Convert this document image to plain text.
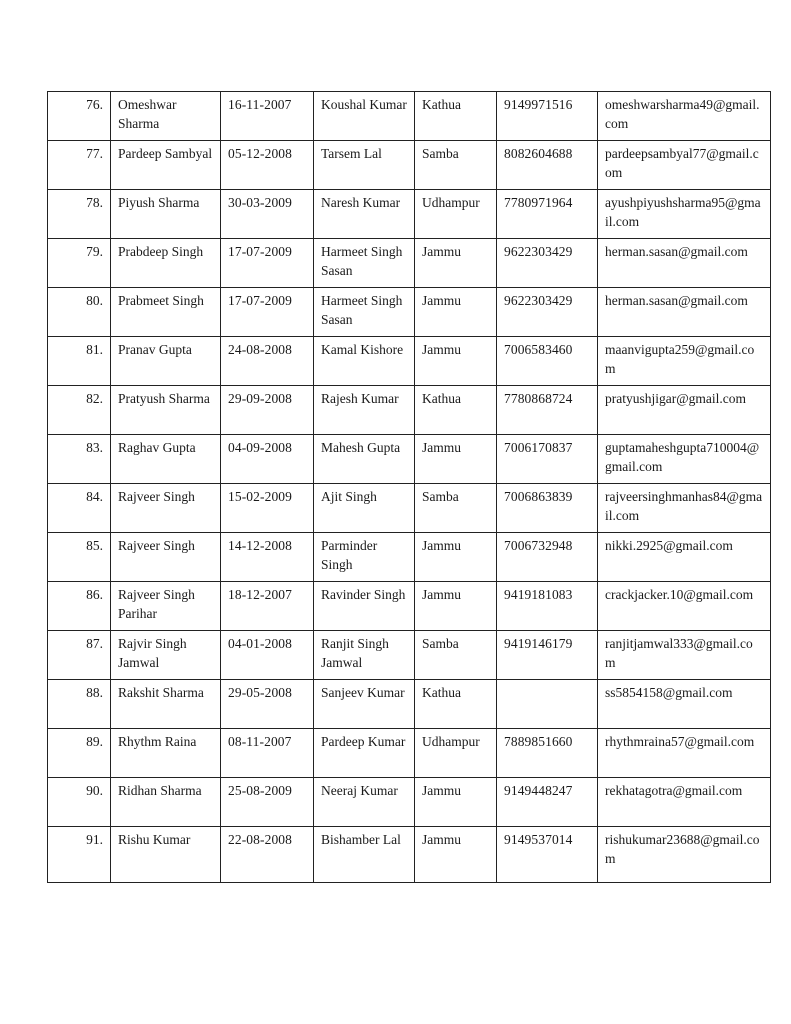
76.	Omeshwar Sharma	16-11-2007	Koushal Kumar	Kathua	9149971516	omeshwarsharma49@gmail.com
77.	Pardeep Sambyal	05-12-2008	Tarsem Lal	Samba	8082604688	pardeepsambyal77@gmail.com
78.	Piyush Sharma	30-03-2009	Naresh Kumar	Udhampur	7780971964	ayushpiyushsharma95@gmail.com
79.	Prabdeep Singh	17-07-2009	Harmeet Singh Sasan	Jammu	9622303429	herman.sasan@gmail.com
80.	Prabmeet Singh	17-07-2009	Harmeet Singh Sasan	Jammu	9622303429	herman.sasan@gmail.com
81.	Pranav Gupta	24-08-2008	Kamal Kishore	Jammu	7006583460	maanvigupta259@gmail.com
82.	Pratyush Sharma	29-09-2008	Rajesh Kumar	Kathua	7780868724	pratyushjigar@gmail.com
83.	Raghav Gupta	04-09-2008	Mahesh Gupta	Jammu	7006170837	guptamaheshgupta710004@gmail.com
84.	Rajveer Singh	15-02-2009	Ajit Singh	Samba	7006863839	rajveersinghmanhas84@gmail.com
85.	Rajveer Singh	14-12-2008	Parminder Singh	Jammu	7006732948	nikki.2925@gmail.com
86.	Rajveer Singh Parihar	18-12-2007	Ravinder Singh	Jammu	9419181083	crackjacker.10@gmail.com
87.	Rajvir Singh Jamwal	04-01-2008	Ranjit Singh Jamwal	Samba	9419146179	ranjitjamwal333@gmail.com
88.	Rakshit Sharma	29-05-2008	Sanjeev Kumar	Kathua		ss5854158@gmail.com
89.	Rhythm Raina	08-11-2007	Pardeep Kumar	Udhampur	7889851660	rhythmraina57@gmail.com
90.	Ridhan Sharma	25-08-2009	Neeraj Kumar	Jammu	9149448247	rekhatagotra@gmail.com
91.	Rishu Kumar	22-08-2008	Bishamber Lal	Jammu	9149537014	rishukumar23688@gmail.com
